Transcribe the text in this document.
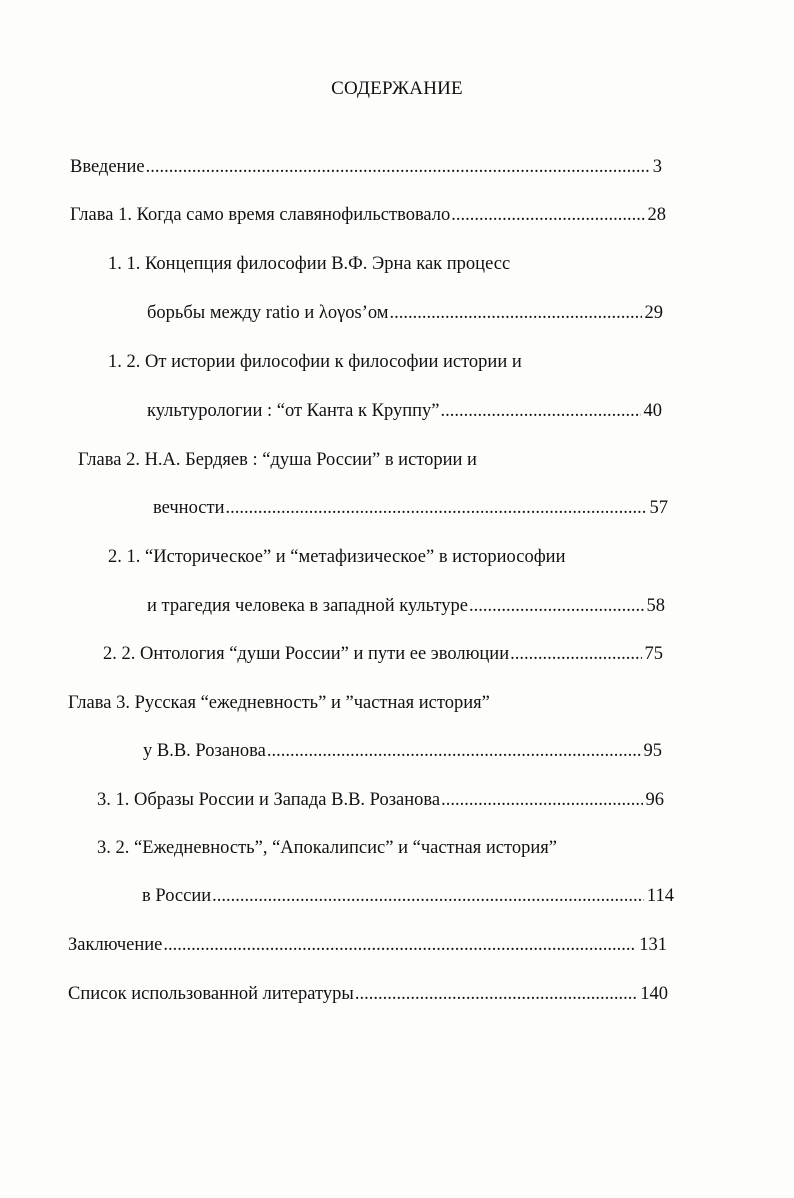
СОДЕРЖАНИЕ
Введение .....	3
Глава 1. Когда само время славянофильствовало .....	28
1. 1. Концепция философии В.Ф. Эрна как процесс
борьбы между ratio и λογοs’ом .....	29
1. 2. От истории философии к философии истории и
культурологии : “от Канта к Круппу” .....	40
Глава 2. Н.А. Бердяев : “душа России” в истории и
вечности .....	57
2. 1. “Историческое” и “метафизическое” в историософии
и трагедия человека в западной культуре .....	58
2. 2. Онтология “души России” и пути ее эволюции .....	75
Глава 3. Русская “ежедневность” и ”частная история”
у В.В. Розанова .....	95
3. 1. Образы России и Запада В.В. Розанова .....	96
3. 2. “Ежедневность”, “Апокалипсис” и “частная история”
в России .....	114
Заключение .....	131
Список использованной литературы .....	140
